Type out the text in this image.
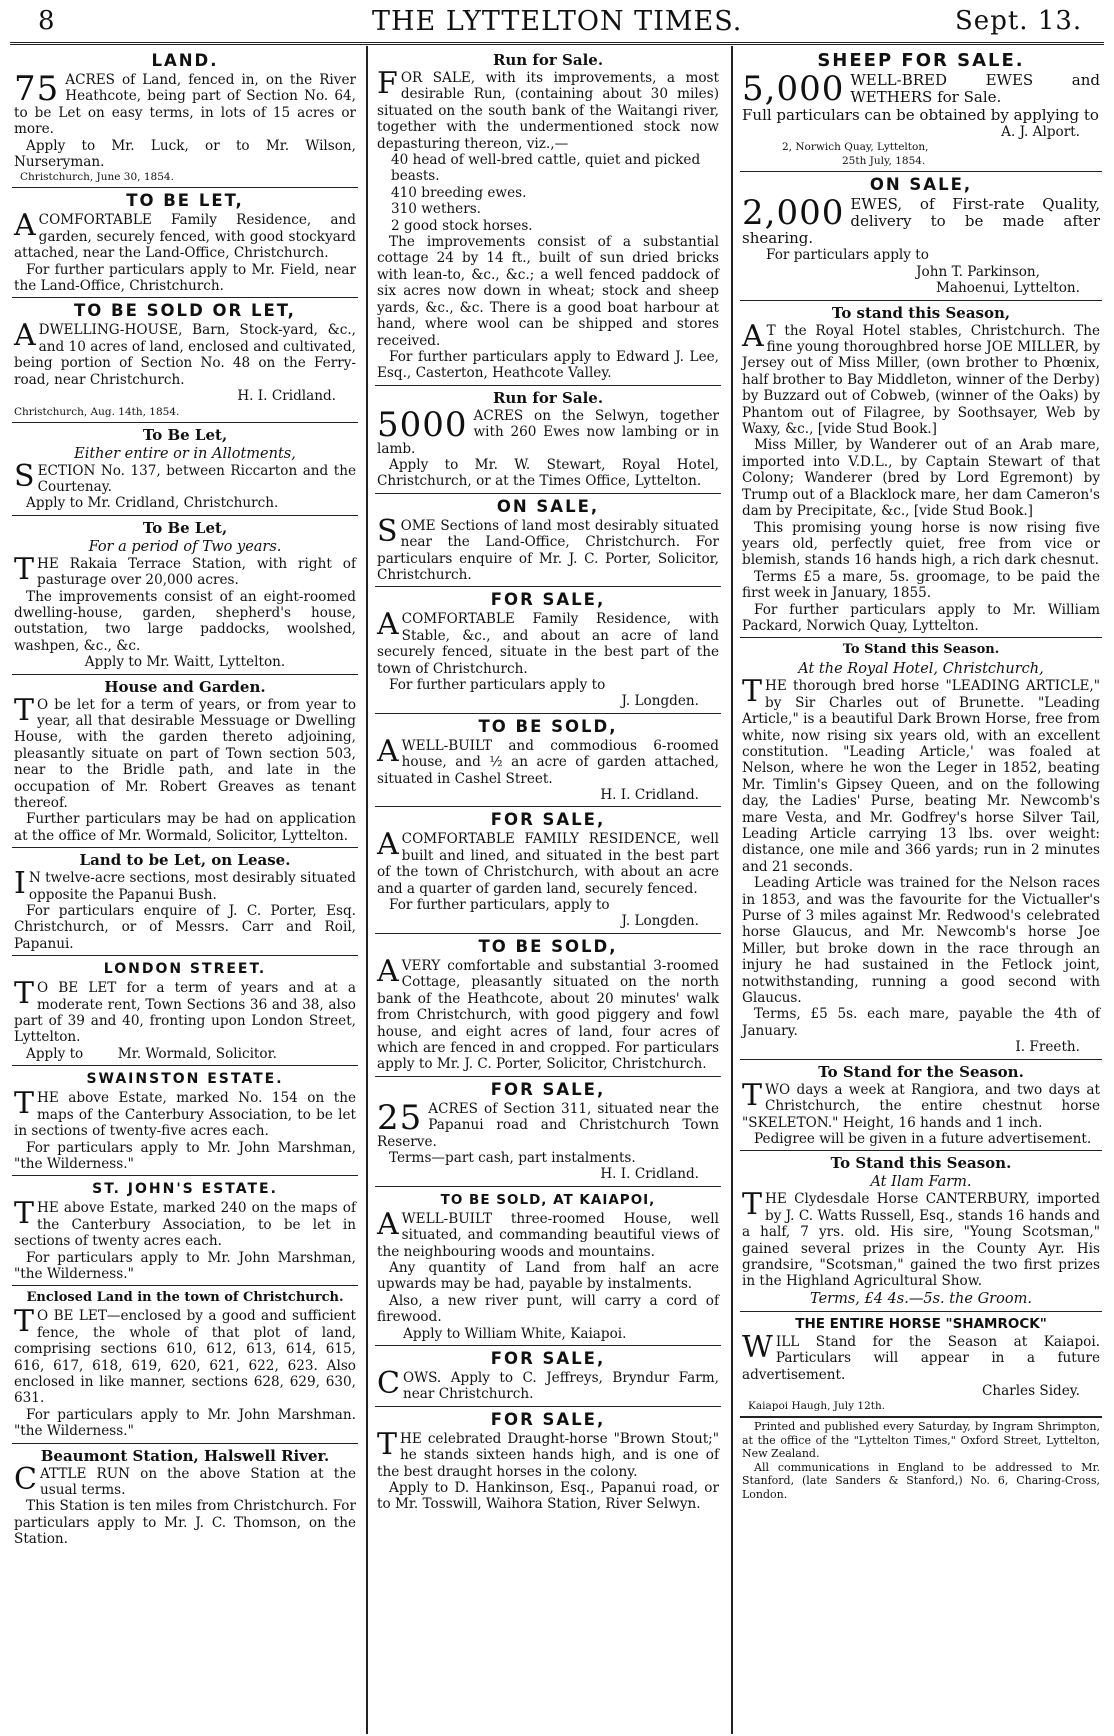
8	THE LYTTELTON TIMES.	Sept. 13.
LAND.
75 ACRES of Land, fenced in, on the River Heathcote, being part of Section No. 64, to be Let on easy terms, in lots of 15 acres or more.

Apply to Mr. Luck, or to Mr. Wilson, Nurseryman.

Christchurch, June 30, 1854.
TO BE LET,

ACOMFORTABLE Family Residence, and garden, securely fenced, with good stockyard attached, near the Land-Office, Christchurch.

For further particulars apply to Mr. Field, near the Land-Office, Christchurch.

TO BE SOLD OR LET,

ADWELLING-HOUSE, Barn, Stock-yard, &c., and 10 acres of land, enclosed and cultivated, being portion of Section No. 48 on the Ferry-road, near Christchurch.

H. I. Cridland.
Christchurch, Aug. 14th, 1854.
To Be Let,
Either entire or in Allotments,

SECTION No. 137, between Riccarton and the Courtenay.

Apply to Mr. Cridland, Christchurch.

To Be Let,
For a period of Two years.

THE Rakaia Terrace Station, with right of pasturage over 20,000 acres.

The improvements consist of an eight-roomed dwelling-house, garden, shepherd's house, outstation, two large paddocks, woolshed, washpen, &c., &c.

Apply to Mr. Waitt, Lyttelton.

House and Garden.

T O be let for a term of years, or from year to year, all that desirable Messuage or Dwelling House, with the garden thereto adjoining, pleasantly situate on part of Town section 503, near to the Bridle path, and late in the occupation of Mr. Robert Greaves as tenant thereof.

Further particulars may be had on application at the office of Mr. Wormald, Solicitor, Lyttelton.

Land to be Let, on Lease.

I N twelve-acre sections, most desirably situated opposite the Papanui Bush.

For particulars enquire of J. C. Porter, Esq. Christchurch, or of Messrs. Carr and Roil, Papanui.

LONDON STREET.

T O BE LET for a term of years and at a moderate rent, Town Sections 36 and 38, also part of 39 and 40, fronting upon London Street, Lyttelton.

Apply to        Mr. Wormald, Solicitor.

SWAINSTON ESTATE.

THE above Estate, marked No. 154 on the maps of the Canterbury Association, to be let in sections of twenty-five acres each.

For particulars apply to Mr. John Marshman, "the Wilderness."

ST. JOHN'S ESTATE.

THE above Estate, marked 240 on the maps of the Canterbury Association, to be let in sections of twenty acres each.

For particulars apply to Mr. John Marshman, "the Wilderness."

Enclosed Land in the town of Christchurch.

T O BE LET—enclosed by a good and sufficient fence, the whole of that plot of land, comprising sections 610, 612, 613, 614, 615, 616, 617, 618, 619, 620, 621, 622, 623. Also enclosed in like manner, sections 628, 629, 630, 631.

For particulars apply to Mr. John Marshman. "the Wilderness."

Beaumont Station, Halswell River.

CATTLE RUN on the above Station at the usual terms.

This Station is ten miles from Christchurch. For particulars apply to Mr. J. C. Thomson, on the Station.

Run for Sale.

FOR SALE, with its improvements, a most desirable Run, (containing about 30 miles) situated on the south bank of the Waitangi river, together with the undermentioned stock now depasturing thereon, viz.,—

40 head of well-bred cattle, quiet and picked beasts.
410 breeding ewes.
310 wethers.
2 good stock horses.

The improvements consist of a substantial cottage 24 by 14 ft., built of sun dried bricks with lean-to, &c., &c.; a well fenced paddock of six acres now down in wheat; stock and sheep yards, &c., &c. There is a good boat harbour at hand, where wool can be shipped and stores received.

For further particulars apply to Edward J. Lee, Esq., Casterton, Heathcote Valley.

Run for Sale.
5000 ACRES on the Selwyn, together with 260 Ewes now lambing or in lamb.

Apply to Mr. W. Stewart, Royal Hotel, Christchurch, or at the Times Office, Lyttelton.

ON SALE,

SOME Sections of land most desirably situated near the Land-Office, Christchurch. For particulars enquire of Mr. J. C. Porter, Solicitor, Christchurch.

FOR SALE,

ACOMFORTABLE Family Residence, with Stable, &c., and about an acre of land securely fenced, situate in the best part of the town of Christchurch.

For further particulars apply to

J. Longden.
TO BE SOLD,

AWELL-BUILT and commodious 6-roomed house, and ½ an acre of garden attached, situated in Cashel Street.

H. I. Cridland.
FOR SALE,

ACOMFORTABLE FAMILY RESIDENCE, well built and lined, and situated in the best part of the town of Christchurch, with about an acre and a quarter of garden land, securely fenced.

For further particulars, apply to

J. Longden.
TO BE SOLD,

AVERY comfortable and substantial 3-roomed Cottage, pleasantly situated on the north bank of the Heathcote, about 20 minutes' walk from Christchurch, with good piggery and fowl house, and eight acres of land, four acres of which are fenced in and cropped. For particulars apply to Mr. J. C. Porter, Solicitor, Christchurch.

FOR SALE,
25 ACRES of Section 311, situated near the Papanui road and Christchurch Town Reserve.

Terms—part cash, part instalments.

H. I. Cridland.
TO BE SOLD, AT KAIAPOI,

AWELL-BUILT three-roomed House, well situated, and commanding beautiful views of the neighbouring woods and mountains.

Any quantity of Land from half an acre upwards may be had, payable by instalments.

Also, a new river punt, will carry a cord of firewood.

Apply to William White, Kaiapoi.

FOR SALE,

COWS. Apply to C. Jeffreys, Bryndur Farm, near Christchurch.

FOR SALE,

THE celebrated Draught-horse "Brown Stout;" he stands sixteen hands high, and is one of the best draught horses in the colony.

Apply to D. Hankinson, Esq., Papanui road, or to Mr. Tosswill, Waihora Station, River Selwyn.

SHEEP FOR SALE.
5,000 WELL-BRED EWES and WETHERS for Sale.

Full particulars can be obtained by applying to

A. J. Alport.
2, Norwich Quay, Lyttelton,
25th July, 1854.
ON SALE,
2,000 EWES, of First-rate Quality, delivery to be made after shearing.

For particulars apply to

John T. Parkinson,
Mahoenui, Lyttelton.
To stand this Season,

A T the Royal Hotel stables, Christchurch. The fine young thoroughbred horse JOE MILLER, by Jersey out of Miss Miller, (own brother to Phœnix, half brother to Bay Middleton, winner of the Derby) by Buzzard out of Cobweb, (winner of the Oaks) by Phantom out of Filagree, by Soothsayer, Web by Waxy, &c., [vide Stud Book.]

Miss Miller, by Wanderer out of an Arab mare, imported into V.D.L., by Captain Stewart of that Colony; Wanderer (bred by Lord Egremont) by Trump out of a Blacklock mare, her dam Cameron's dam by Precipitate, &c., [vide Stud Book.]

This promising young horse is now rising five years old, perfectly quiet, free from vice or blemish, stands 16 hands high, a rich dark chesnut.

Terms £5 a mare, 5s. groomage, to be paid the first week in January, 1855.

For further particulars apply to Mr. William Packard, Norwich Quay, Lyttelton.

To Stand this Season.
At the Royal Hotel, Christchurch,

THE thorough bred horse "LEADING ARTICLE," by Sir Charles out of Brunette. "Leading Article," is a beautiful Dark Brown Horse, free from white, now rising six years old, with an excellent constitution. "Leading Article,' was foaled at Nelson, where he won the Leger in 1852, beating Mr. Timlin's Gipsey Queen, and on the following day, the Ladies' Purse, beating Mr. Newcomb's mare Vesta, and Mr. Godfrey's horse Silver Tail, Leading Article carrying 13 lbs. over weight: distance, one mile and 366 yards; run in 2 minutes and 21 seconds.

Leading Article was trained for the Nelson races in 1853, and was the favourite for the Victualler's Purse of 3 miles against Mr. Redwood's celebrated horse Glaucus, and Mr. Newcomb's horse Joe Miller, but broke down in the race through an injury he had sustained in the Fetlock joint, notwithstanding, running a good second with Glaucus.

Terms, £5 5s. each mare, payable the 4th of January.

I. Freeth.
To Stand for the Season.

TWO days a week at Rangiora, and two days at Christchurch, the entire chestnut horse "SKELETON." Height, 16 hands and 1 inch.

Pedigree will be given in a future advertisement.

To Stand this Season.
At Ilam Farm.

THE Clydesdale Horse CANTERBURY, imported by J. C. Watts Russell, Esq., stands 16 hands and a half, 7 yrs. old. His sire, "Young Scotsman," gained several prizes in the County Ayr. His grandsire, "Scotsman," gained the two first prizes in the Highland Agricultural Show.

Terms, £4 4s.—5s. the Groom.
THE ENTIRE HORSE "SHAMROCK"

WILL Stand for the Season at Kaiapoi. Particulars will appear in a future advertisement.

Charles Sidey.
Kaiapoi Haugh, July 12th.

Printed and published every Saturday, by Ingram Shrimpton, at the office of the "Lyttelton Times," Oxford Street, Lyttelton, New Zealand.

All communications in England to be addressed to Mr. Stanford, (late Sanders & Stanford,) No. 6, Charing-Cross, London.
